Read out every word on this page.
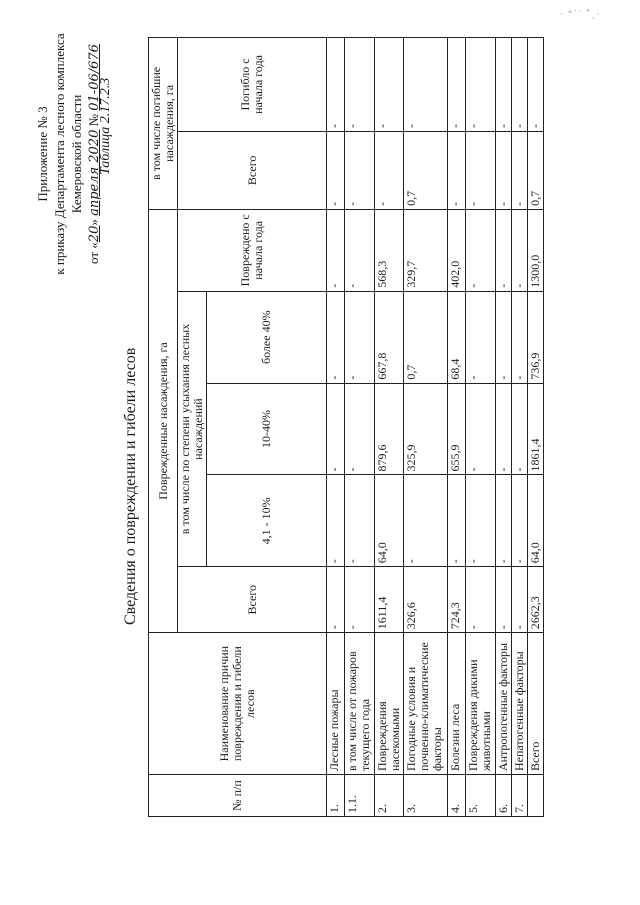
· °˙′ ˚¸·
Приложение № 3 к приказу Департамента лесного комплекса Кемеровской области
от «20» апреля 2020 № 01-06/676
Таблица 2.17.2.3
Сведения о повреждении и гибели лесов
№ п/п	Наименование причин повреждения и гибели лесов	Поврежденные насаждения, га					в том числе погибшие насаждения, га	
		Всего	в том числе по степени усыхания лесных насаждений			Повреждено с начала года	Всего	Погибло с начала года
			4,1 - 10%	10-40%	более 40%			
1.	Лесные пожары	-	-	-	-	-	-	-
1.1.	в том числе от пожаров текущего года	-	-	-	-	-	-	-
2.	Повреждения насекомыми	1611,4	64,0	879,6	667,8	568,3	-	-
3.	Погодные условия и почвенно-климатические факторы	326,6	-	325,9	0,7	329,7	0,7	-
4.	Болезни леса	724,3	-	655,9	68,4	402,0	-	-
5.	Повреждения дикими животными	-	-	-	-	-	-	-
6.	Антропогенные факторы	-	-	-	-	-	-	-
7.	Непатогенные факторы	-	-	-	-	-	-	-
	Всего	2662,3	64,0	1861,4	736,9	1300,0	0,7	-
